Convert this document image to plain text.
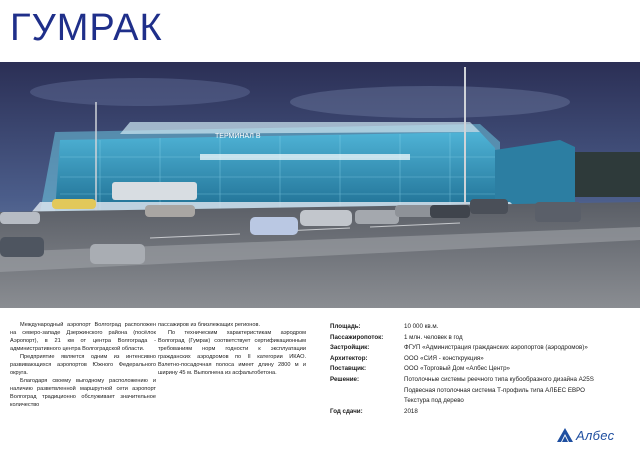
ГУМРАК
ТЕРМИНАЛ В

Международный аэропорт Волгоград расположен на северо-западе Дзержинского района (посёлок Аэропорт), в 21 км от центра Волгограда - административного центра Волгоградской области.

Предприятие является одним из интенсивно развивающихся аэропортов Южного Федерального округа.

Благодаря своему выгодному расположению и наличию разветвленной маршрутной сети аэропорт Волгоград традиционно обслуживает значительное количество

пассажиров из близлежащих регионов.

По техническим характеристикам аэродром Волгоград (Гумрак) соответствует сертификационным требованиям норм годности к эксплуатации гражданских аэродромов по II категории ИКАО. Взлетно-посадочная полоса имеет длину 2800 м и ширину 45 м. Выполнена из асфальтобетона.

Площадь:	10 000 кв.м.
Пассажиропоток:	1 млн. человек в год
Застройщик:	ФГУП «Администрация гражданских аэропортов (аэродромов)»
Архитектор:	ООО «СИЯ - консткрукция»
Поставщик:	ООО «Торговый Дом «Албес Центр»
Решение:	Потолочные системы реечного типа кубообразного дизайна A25S
Подвесная потолочная система Т-профиль типа АЛБЕС ЕВРО
Текстура под дерево
Год сдачи:	2018
Албес
